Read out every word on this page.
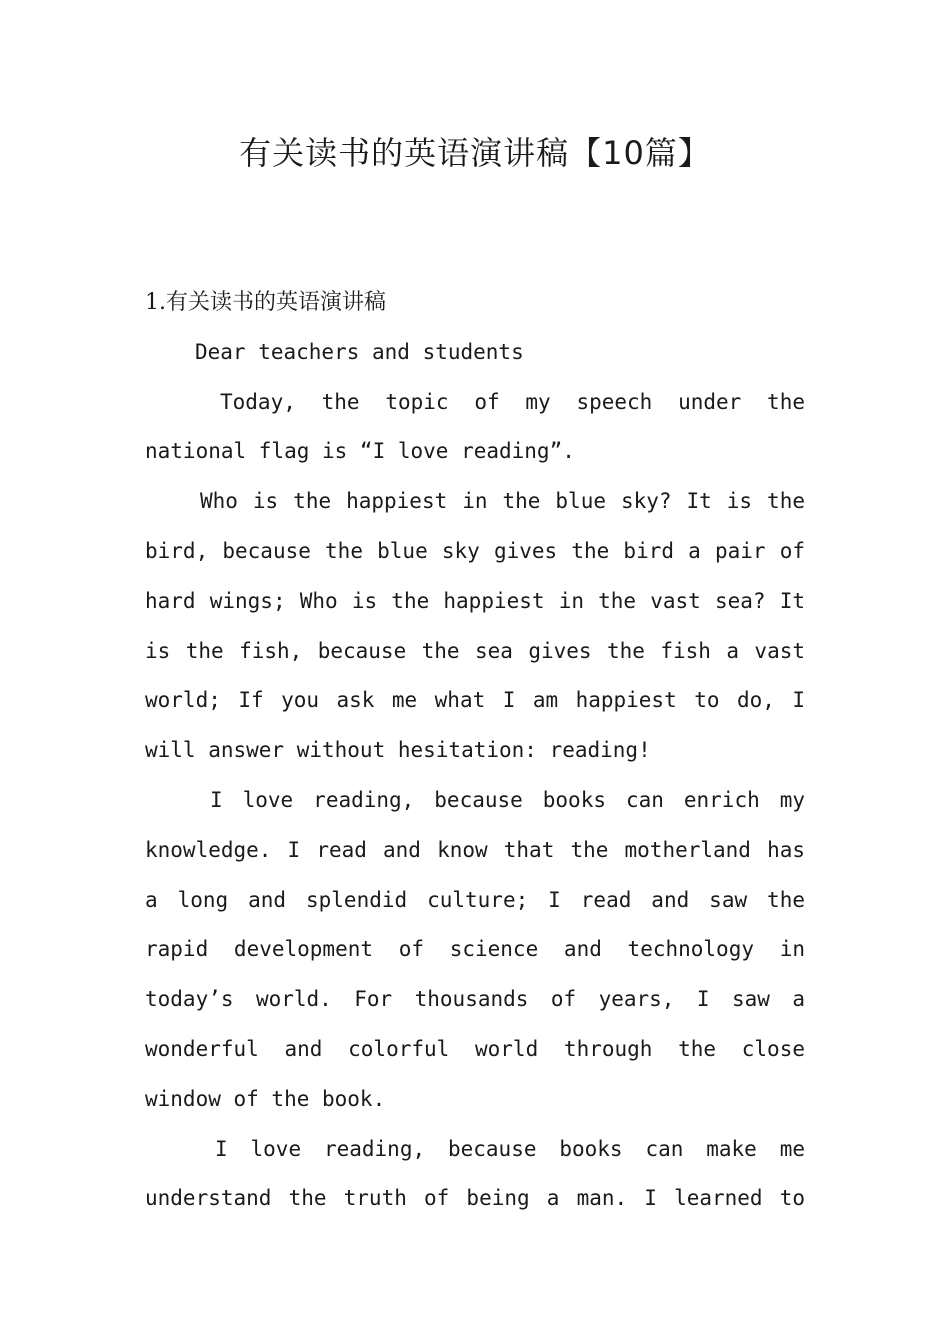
有关读书的英语演讲稿【10篇】
1.有关读书的英语演讲稿
Dear teachers and students
Today, the topic of my speech under the
national flag is “I love reading”.
Who is the happiest in the blue sky? It is the
bird, because the blue sky gives the bird a pair of
hard wings; Who is the happiest in the vast sea? It
is the fish, because the sea gives the fish a vast
world; If you ask me what I am happiest to do, I
will answer without hesitation: reading!
I love reading, because books can enrich my
knowledge. I read and know that the motherland has
a long and splendid culture; I read and saw the
rapid development of science and technology in
today’s world. For thousands of years, I saw a
wonderful and colorful world through the close
window of the book.
I love reading, because books can make me
understand the truth of being a man. I learned to
